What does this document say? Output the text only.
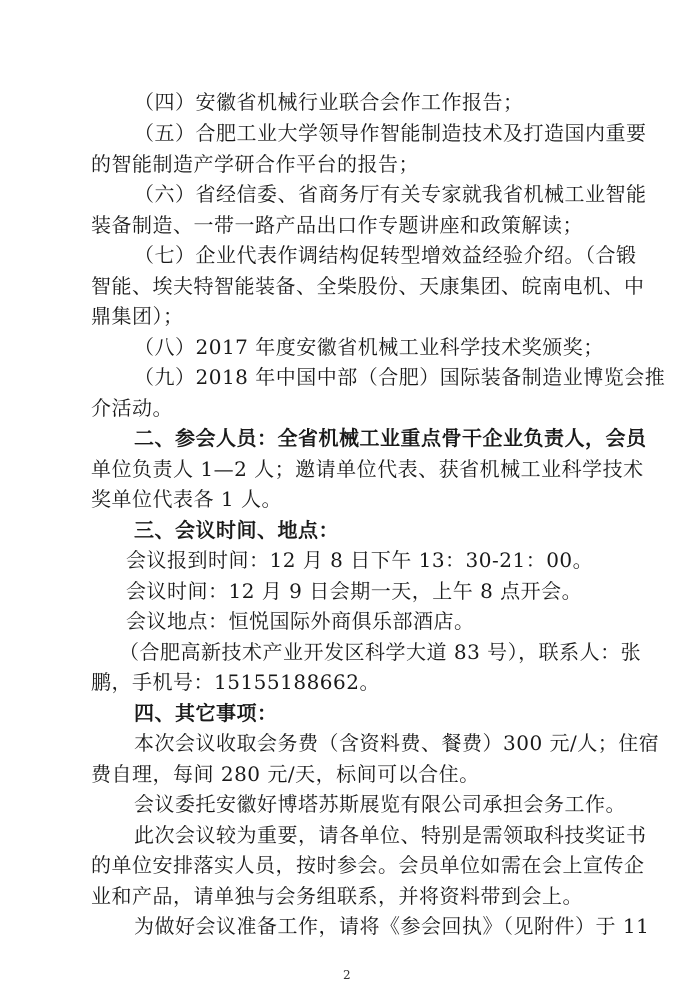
（四）安徽省机械行业联合会作工作报告；
（五）合肥工业大学领导作智能制造技术及打造国内重要
的智能制造产学研合作平台的报告；
（六）省经信委、省商务厅有关专家就我省机械工业智能
装备制造、一带一路产品出口作专题讲座和政策解读；
（七）企业代表作调结构促转型增效益经验介绍。（合锻
智能、埃夫特智能装备、全柴股份、天康集团、皖南电机、中
鼎集团）；
（八）2017 年度安徽省机械工业科学技术奖颁奖；
（九）2018 年中国中部（合肥）国际装备制造业博览会推
介活动。
二、参会人员：全省机械工业重点骨干企业负责人，会员
单位负责人 1—2 人；邀请单位代表、获省机械工业科学技术
奖单位代表各 1 人。
三、会议时间、地点：
会议报到时间：12 月 8 日下午 13：30-21：00。
会议时间：12 月 9 日会期一天，上午 8 点开会。
会议地点：恒悦国际外商俱乐部酒店。
（合肥高新技术产业开发区科学大道 83 号），联系人：张
鹏，手机号：15155188662。
四、其它事项：
本次会议收取会务费（含资料费、餐费）300 元/人；住宿
费自理，每间 280 元/天，标间可以合住。
会议委托安徽好博塔苏斯展览有限公司承担会务工作。
此次会议较为重要，请各单位、特别是需领取科技奖证书
的单位安排落实人员，按时参会。会员单位如需在会上宣传企
业和产品，请单独与会务组联系，并将资料带到会上。
为做好会议准备工作，请将《参会回执》（见附件）于 11
2
